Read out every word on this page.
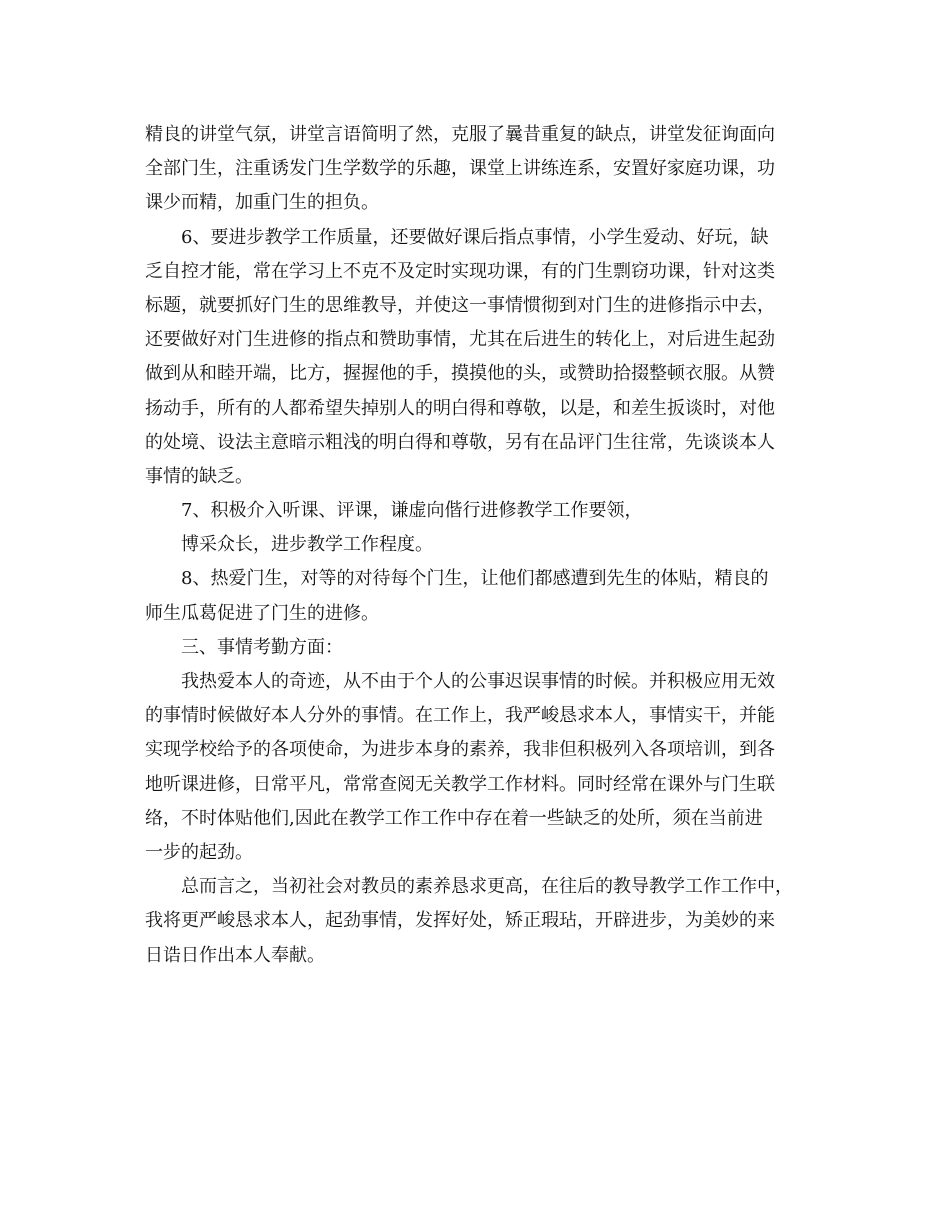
精良的讲堂气氛，讲堂言语简明了然，克服了曩昔重复的缺点，讲堂发征询面向
全部门生，注重诱发门生学数学的乐趣，课堂上讲练连系，安置好家庭功课，功
课少而精，加重门生的担负。
6、要进步教学工作质量，还要做好课后指点事情，小学生爱动、好玩，缺
乏自控才能，常在学习上不克不及定时实现功课，有的门生剽窃功课，针对这类
标题，就要抓好门生的思维教导，并使这一事情惯彻到对门生的进修指示中去，
还要做好对门生进修的指点和赞助事情，尤其在后进生的转化上，对后进生起劲
做到从和睦开端，比方，握握他的手，摸摸他的头，或赞助拾掇整顿衣服。从赞
扬动手，所有的人都希望失掉别人的明白得和尊敬，以是，和差生扳谈时，对他
的处境、设法主意暗示粗浅的明白得和尊敬，另有在品评门生往常，先谈谈本人
事情的缺乏。
7、积极介入听课、评课，谦虚向偕行进修教学工作要领，
博采众长，进步教学工作程度。
8、热爱门生，对等的对待每个门生，让他们都感遭到先生的体贴，精良的
师生瓜葛促进了门生的进修。
三、事情考勤方面：
我热爱本人的奇迹，从不由于个人的公事迟误事情的时候。并积极应用无效
的事情时候做好本人分外的事情。在工作上，我严峻恳求本人，事情实干，并能
实现学校给予的各项使命，为进步本身的素养，我非但积极列入各项培训，到各
地听课进修，日常平凡，常常查阅无关教学工作材料。同时经常在课外与门生联
络，不时体贴他们,因此在教学工作工作中存在着一些缺乏的处所，须在当前进
一步的起劲。
总而言之，当初社会对教员的素养恳求更高，在往后的教导教学工作工作中，
我将更严峻恳求本人，起劲事情，发挥好处，矫正瑕玷，开辟进步，为美妙的来
日诰日作出本人奉献。
